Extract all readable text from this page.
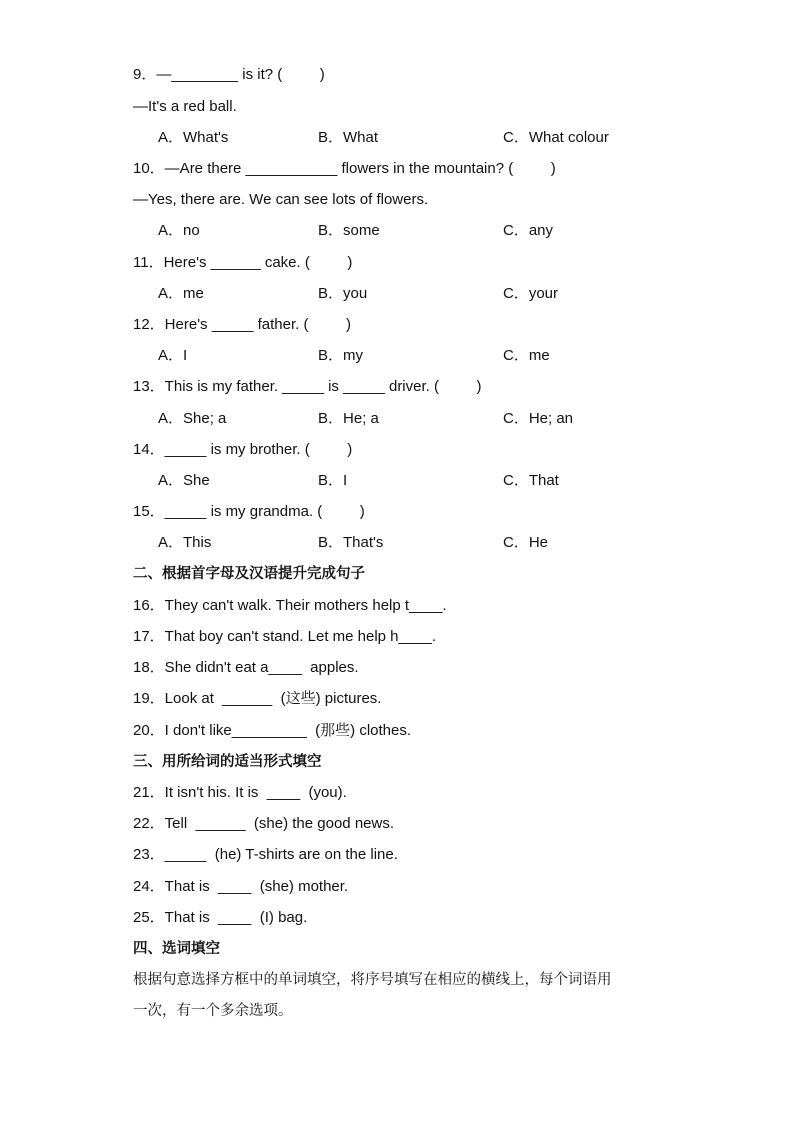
9．—________ is it? (         )
—It's a red ball.
A．What's	B．What	C．What colour
10．—Are there ___________ flowers in the mountain? (         )
—Yes, there are. We can see lots of flowers.
A．no	B．some	C．any
11．Here's ______ cake. (         )
A．me	B．you	C．your
12．Here's _____ father. (         )
A．I	B．my	C．me
13．This is my father. _____ is _____ driver. (         )
A．She; a	B．He; a	C．He; an
14．_____ is my brother. (         )
A．She	B．I	C．That
15．_____ is my grandma. (         )
A．This	B．That's	C．He
二、根据首字母及汉语提升完成句子
16．They can't walk. Their mothers help t____.
17．That boy can't stand. Let me help h____.
18．She didn't eat a____  apples.
19．Look at  ______  (这些) pictures.
20．I don't like_________  (那些) clothes.
三、用所给词的适当形式填空
21．It isn't his. It is  ____  (you).
22．Tell  ______  (she) the good news.
23．_____  (he) T-shirts are on the line.
24．That is  ____  (she) mother.
25．That is  ____  (I) bag.
四、选词填空
根据句意选择方框中的单词填空，将序号填写在相应的横线上，每个词语用
一次，有一个多余选项。
